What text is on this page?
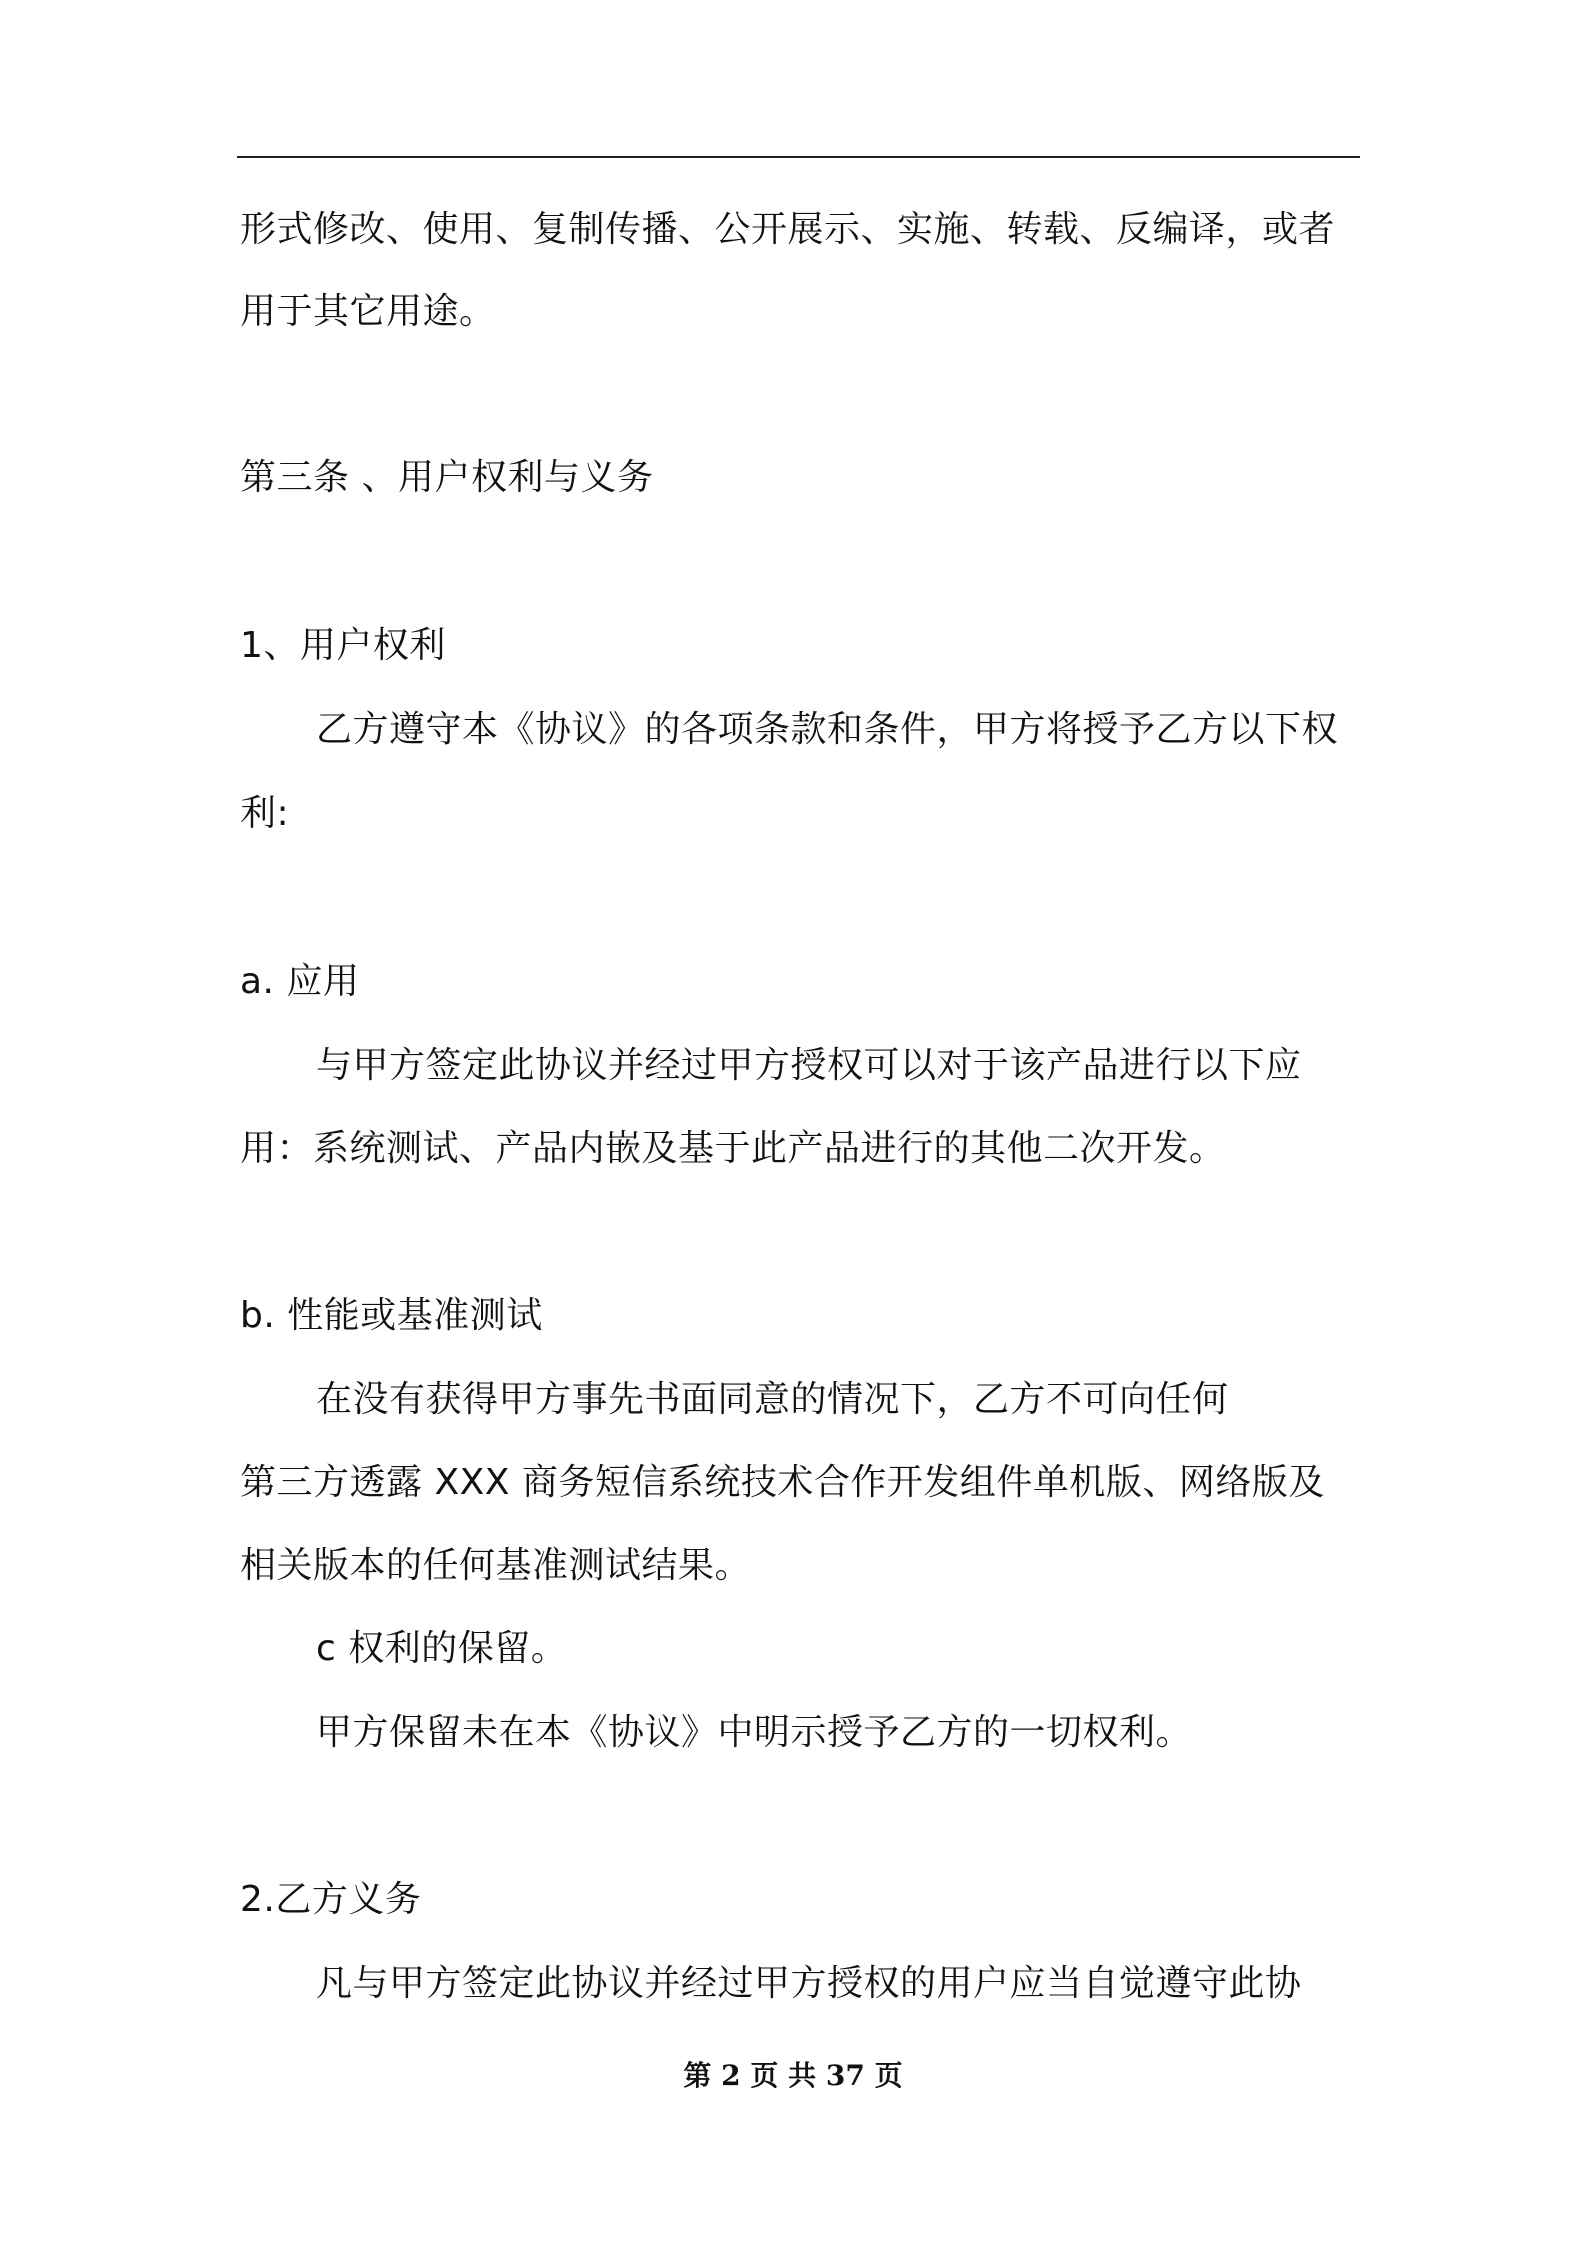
形式修改、使用、复制传播、公开展示、实施、转载、反编译，或者
用于其它用途。
第三条 、用户权利与义务
1、用户权利
乙方遵守本《协议》的各项条款和条件，甲方将授予乙方以下权
利:
a. 应用
与甲方签定此协议并经过甲方授权可以对于该产品进行以下应
用：系统测试、产品内嵌及基于此产品进行的其他二次开发。
b. 性能或基准测试
在没有获得甲方事先书面同意的情况下，乙方不可向任何
第三方透露 XXX 商务短信系统技术合作开发组件单机版、网络版及
相关版本的任何基准测试结果。
c 权利的保留。
甲方保留未在本《协议》中明示授予乙方的一切权利。
2.乙方义务
凡与甲方签定此协议并经过甲方授权的用户应当自觉遵守此协
第 2 页 共 37 页
